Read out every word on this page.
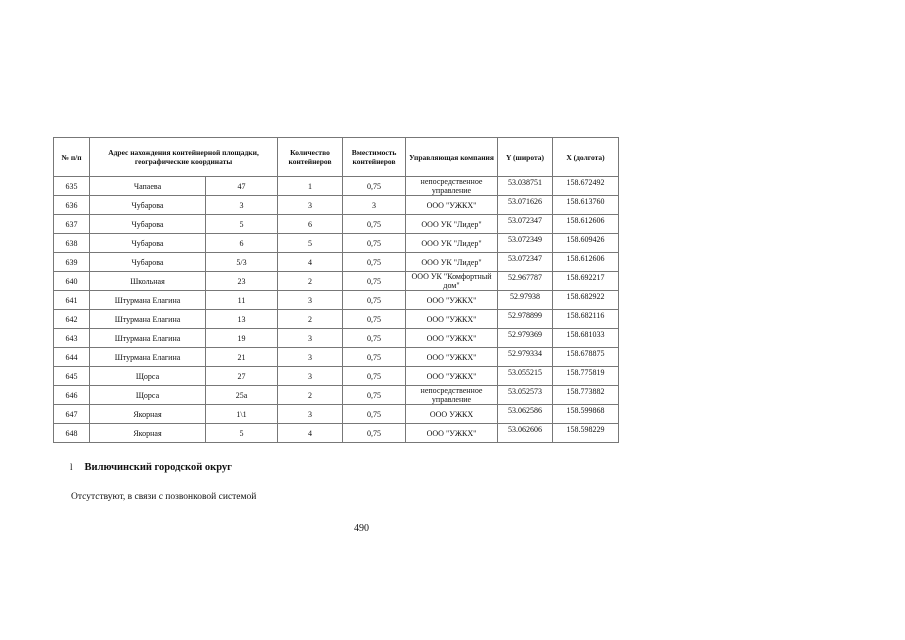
№ п/п	Адрес нахождения контейнерной площадки, географические координаты		Количество контейнеров	Вместимость контейнеров	Управляющая компания	Y (широта)	X (долгота)
635	Чапаева	47	1	0,75	непосредственное управление	53.038751	158.672492
636	Чубарова	3	3	3	ООО "УЖКХ"	53.071626	158.613760
637	Чубарова	5	6	0,75	ООО УК "Лидер"	53.072347	158.612606
638	Чубарова	6	5	0,75	ООО УК "Лидер"	53.072349	158.609426
639	Чубарова	5/3	4	0,75	ООО УК "Лидер"	53.072347	158.612606
640	Школьная	23	2	0,75	ООО УК "Комфортный дом"	52.967787	158.692217
641	Штурмана Елагина	11	3	0,75	ООО "УЖКХ"	52.97938	158.682922
642	Штурмана Елагина	13	2	0,75	ООО "УЖКХ"	52.978899	158.682116
643	Штурмана Елагина	19	3	0,75	ООО "УЖКХ"	52.979369	158.681033
644	Штурмана Елагина	21	3	0,75	ООО "УЖКХ"	52.979334	158.678875
645	Щорса	27	3	0,75	ООО "УЖКХ"	53.055215	158.775819
646	Щорса	25а	2	0,75	непосредственное управление	53.052573	158.773882
647	Якорная	1\1	3	0,75	ООО УЖКХ	53.062586	158.599868
648	Якорная	5	4	0,75	ООО "УЖКХ"	53.062606	158.598229
l Вилючинский городской округ
Отсутствуют, в связи с позвонковой системой
490
